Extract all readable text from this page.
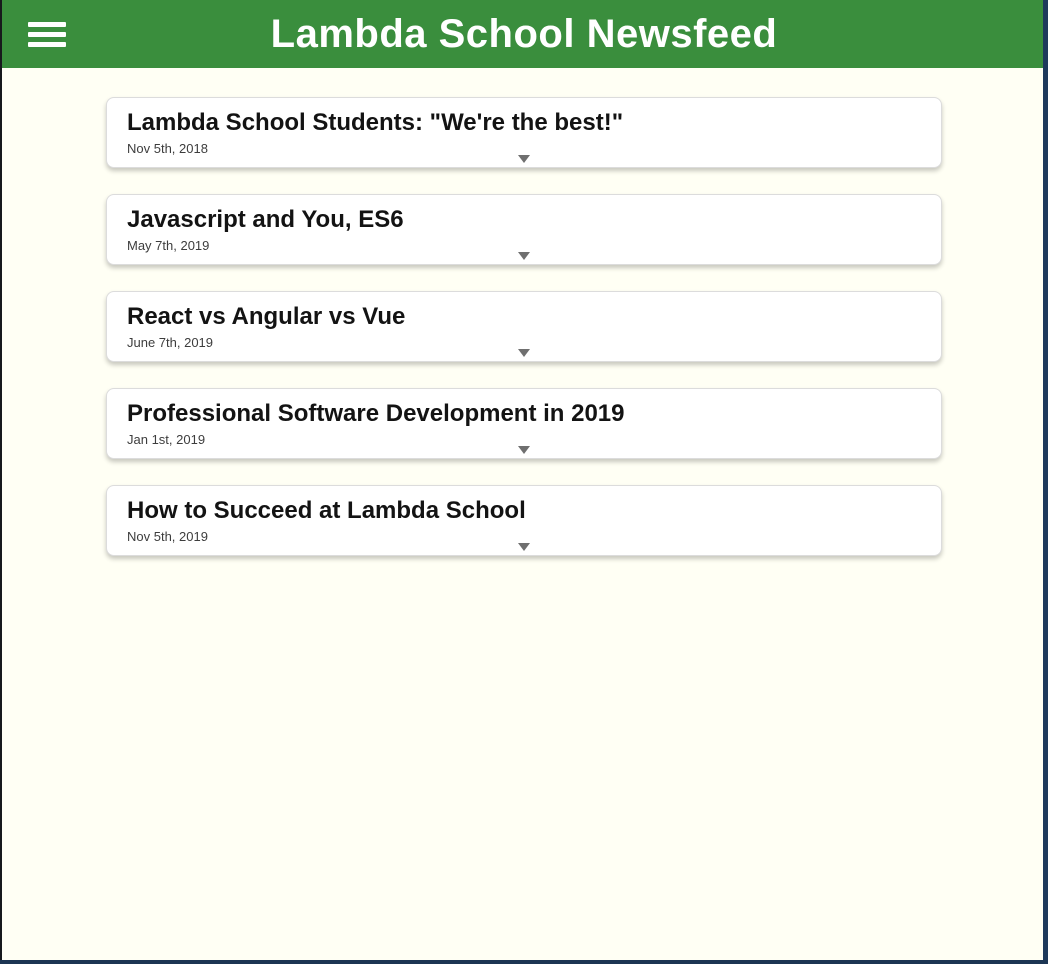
Lambda School Newsfeed
Lambda School Students: "We're the best!"
Nov 5th, 2018
Javascript and You, ES6
May 7th, 2019
React vs Angular vs Vue
June 7th, 2019
Professional Software Development in 2019
Jan 1st, 2019
How to Succeed at Lambda School
Nov 5th, 2019
